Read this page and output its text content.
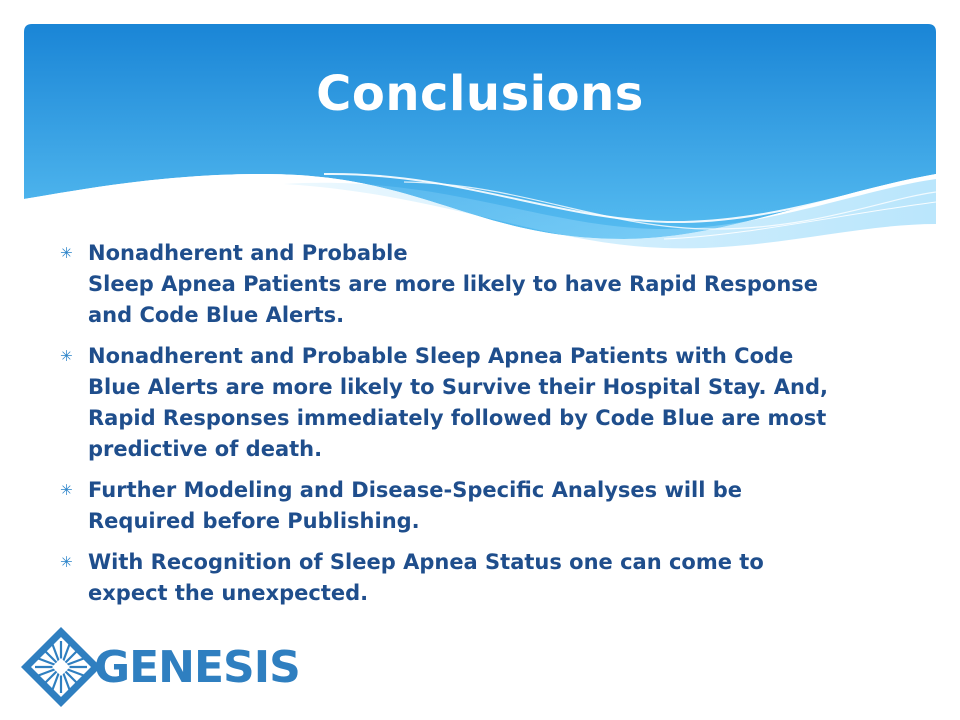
Conclusions
✳ Nonadherent and Probable
Sleep Apnea Patients are more likely to have Rapid Response
and Code Blue Alerts.
✳ Nonadherent and Probable Sleep Apnea Patients with Code
Blue Alerts are more likely to Survive their Hospital Stay. And,
Rapid Responses immediately followed by Code Blue are most
predictive of death.
✳ Further Modeling and Disease-Specific Analyses will be
Required before Publishing.
✳ With Recognition of Sleep Apnea Status one can come to
expect the unexpected.
GENESIS
